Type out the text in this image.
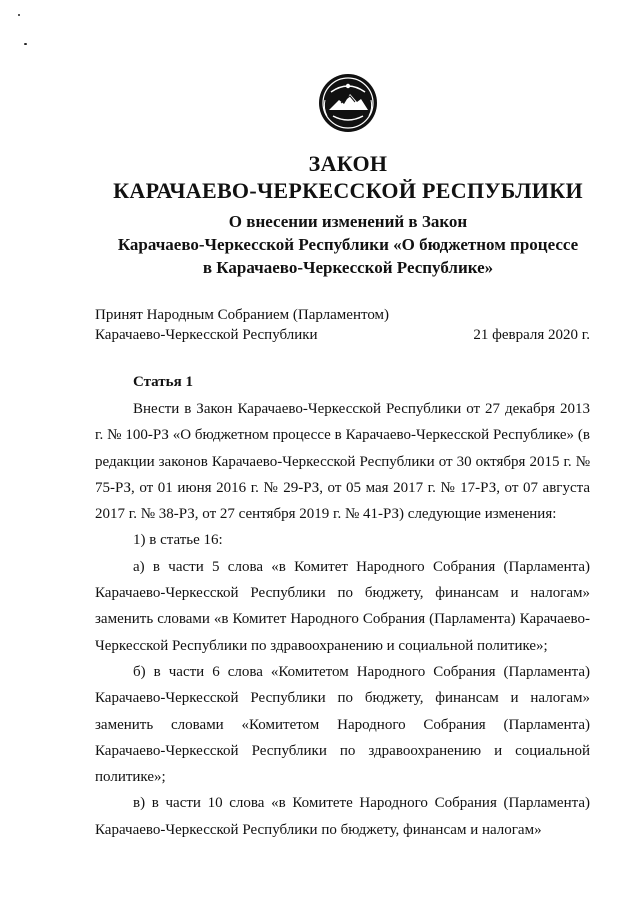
ЗАКОН
КАРАЧАЕВО-ЧЕРКЕССКОЙ РЕСПУБЛИКИ
О внесении изменений в Закон
Карачаево-Черкесской Республики «О бюджетном процессе
в Карачаево-Черкесской Республике»
Принят Народным Собранием (Парламентом)
Карачаево-Черкесской Республики	21 февраля 2020 г.
Статья 1

Внести в Закон Карачаево-Черкесской Республики от 27 декабря 2013 г. № 100-РЗ «О бюджетном процессе в Карачаево-Черкесской Республике» (в редакции законов Карачаево-Черкесской Республики от 30 октября 2015 г. № 75-РЗ, от 01 июня 2016 г. № 29-РЗ, от 05 мая 2017 г. № 17-РЗ, от 07 августа 2017 г. № 38-РЗ, от 27 сентября 2019 г. № 41-РЗ) следующие изменения:

1) в статье 16:

а) в части 5 слова «в Комитет Народного Собрания (Парламента) Карачаево-Черкесской Республики по бюджету, финансам и налогам» заменить словами «в Комитет Народного Собрания (Парламента) Карачаево-Черкесской Республики по здравоохранению и социальной политике»;

б) в части 6 слова «Комитетом Народного Собрания (Парламента) Карачаево-Черкесской Республики по бюджету, финансам и налогам» заменить словами «Комитетом Народного Собрания (Парламента) Карачаево-Черкесской Республики по здравоохранению и социальной политике»;

в) в части 10 слова «в Комитете Народного Собрания (Парламента) Карачаево-Черкесской Республики по бюджету, финансам и налогам»
